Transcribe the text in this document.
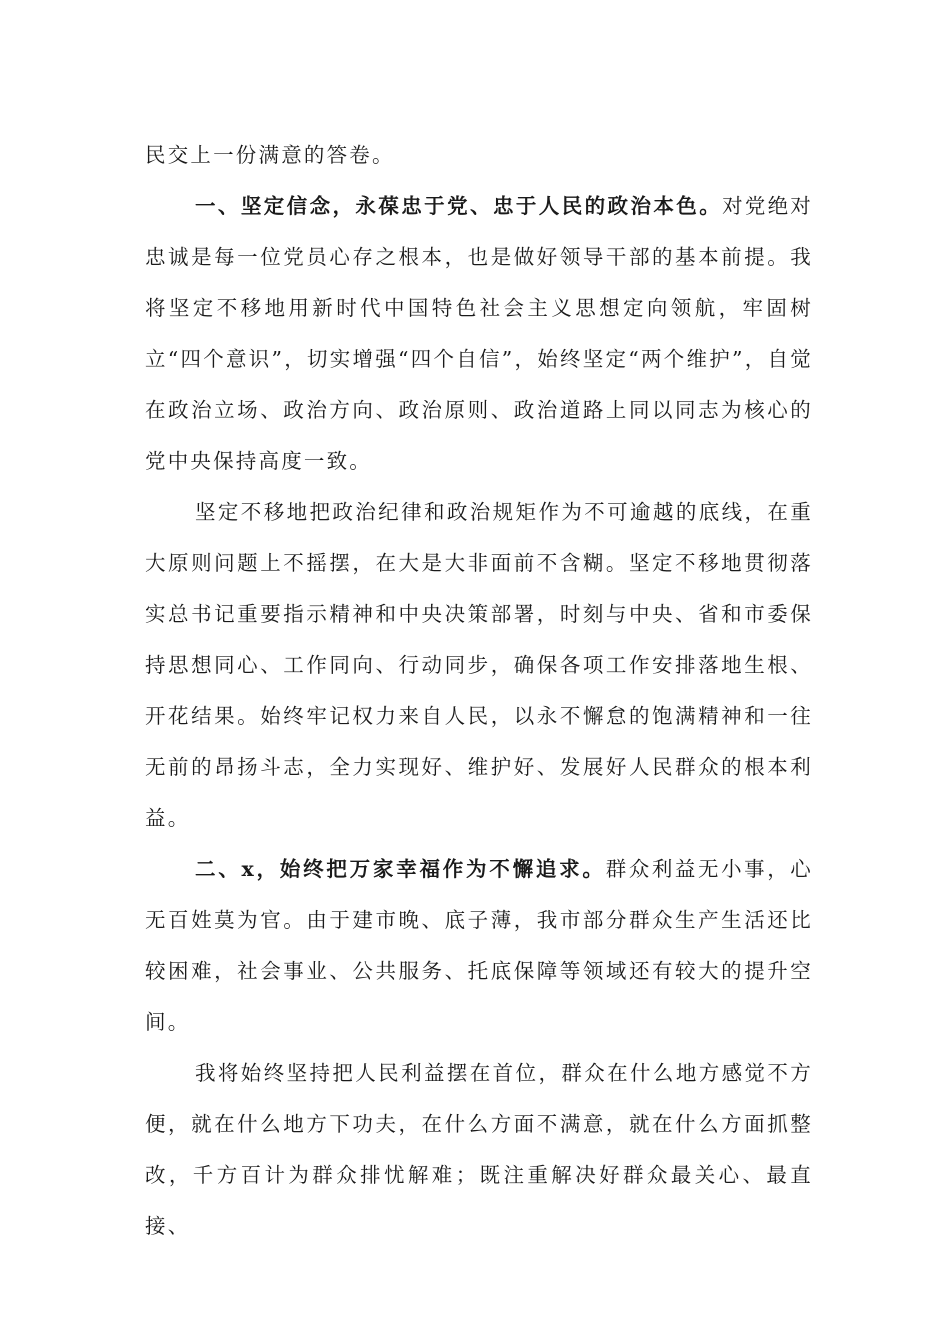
民交上一份满意的答卷。

一、坚定信念，永葆忠于党、忠于人民的政治本色。对党绝对忠诚是每一位党员心存之根本，也是做好领导干部的基本前提。我将坚定不移地用新时代中国特色社会主义思想定向领航，牢固树立“四个意识”，切实增强“四个自信”，始终坚定“两个维护”，自觉在政治立场、政治方向、政治原则、政治道路上同以同志为核心的党中央保持高度一致。

坚定不移地把政治纪律和政治规矩作为不可逾越的底线，在重大原则问题上不摇摆，在大是大非面前不含糊。坚定不移地贯彻落实总书记重要指示精神和中央决策部署，时刻与中央、省和市委保持思想同心、工作同向、行动同步，确保各项工作安排落地生根、开花结果。始终牢记权力来自人民，以永不懈怠的饱满精神和一往无前的昂扬斗志，全力实现好、维护好、发展好人民群众的根本利益。

二、x，始终把万家幸福作为不懈追求。群众利益无小事，心无百姓莫为官。由于建市晚、底子薄，我市部分群众生产生活还比较困难，社会事业、公共服务、托底保障等领域还有较大的提升空间。

我将始终坚持把人民利益摆在首位，群众在什么地方感觉不方便，就在什么地方下功夫，在什么方面不满意，就在什么方面抓整改，千方百计为群众排忧解难；既注重解决好群众最关心、最直接、
